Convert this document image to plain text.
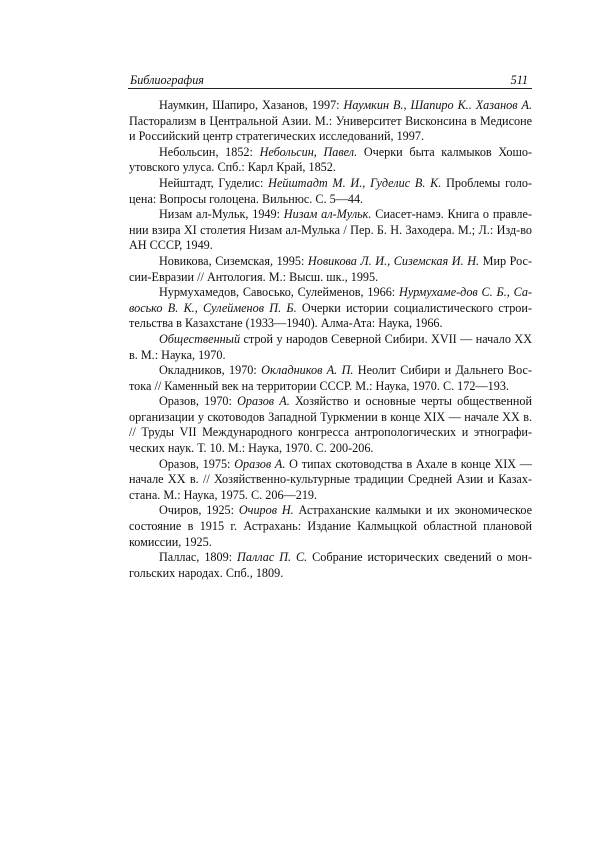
Библиография	511

Наумкин, Шапиро, Хазанов, 1997: Наумкин В., Шапиро К.. Хазанов А. Пасторализм в Центральной Азии. М.: Университет Висконсина в Медисоне и Российский центр стратегических исследований, 1997.

Небольсин, 1852: Небольсин, Павел. Очерки быта калмыков Хошоутовского улуса. Спб.: Карл Край, 1852.

Нейштадт, Гуделис: Нейштадт М. И., Гуделис В. К. Проблемы голоцена: Вопросы голоцена. Вильнюс. С. 5—44.

Низам ал-Мульк, 1949: Низам ал-Мульк. Сиасет-намэ. Книга о правлении взира XI столетия Низам ал-Мулька / Пер. Б. Н. Заходера. М.; Л.: Изд-во АН СССР, 1949.

Новикова, Сиземская, 1995: Новикова Л. И., Сиземская И. Н. Мир России-Евразии // Антология. М.: Высш. шк., 1995.

Нурмухамедов, Савосько, Сулейменов, 1966: Нурмухаме-дов С. Б., Савосько В. К., Сулейменов П. Б. Очерки истории социалистического строительства в Казахстане (1933—1940). Алма-Ата: Наука, 1966.

Общественный строй у народов Северной Сибири. XVII — начало XX в. М.: Наука, 1970.

Окладников, 1970: Окладников А. П. Неолит Сибири и Дальнего Востока // Каменный век на территории СССР. М.: Наука, 1970. С. 172—193.

Оразов, 1970: Оразов А. Хозяйство и основные черты общественной организации у скотоводов Западной Туркмении в конце XIX — начале XX в. // Труды VII Международного конгресса антропологических и этнографических наук. Т. 10. М.: Наука, 1970. С. 200-206.

Оразов, 1975: Оразов А. О типах скотоводства в Ахале в конце XIX — начале XX в. // Хозяйственно-культурные традиции Средней Азии и Казахстана. М.: Наука, 1975. С. 206—219.

Очиров, 1925: Очиров Н. Астраханские калмыки и их экономическое состояние в 1915 г. Астрахань: Издание Калмыцкой областной плановой комиссии, 1925.

Паллас, 1809: Паллас П. С. Собрание исторических сведений о монгольских народах. Спб., 1809.
